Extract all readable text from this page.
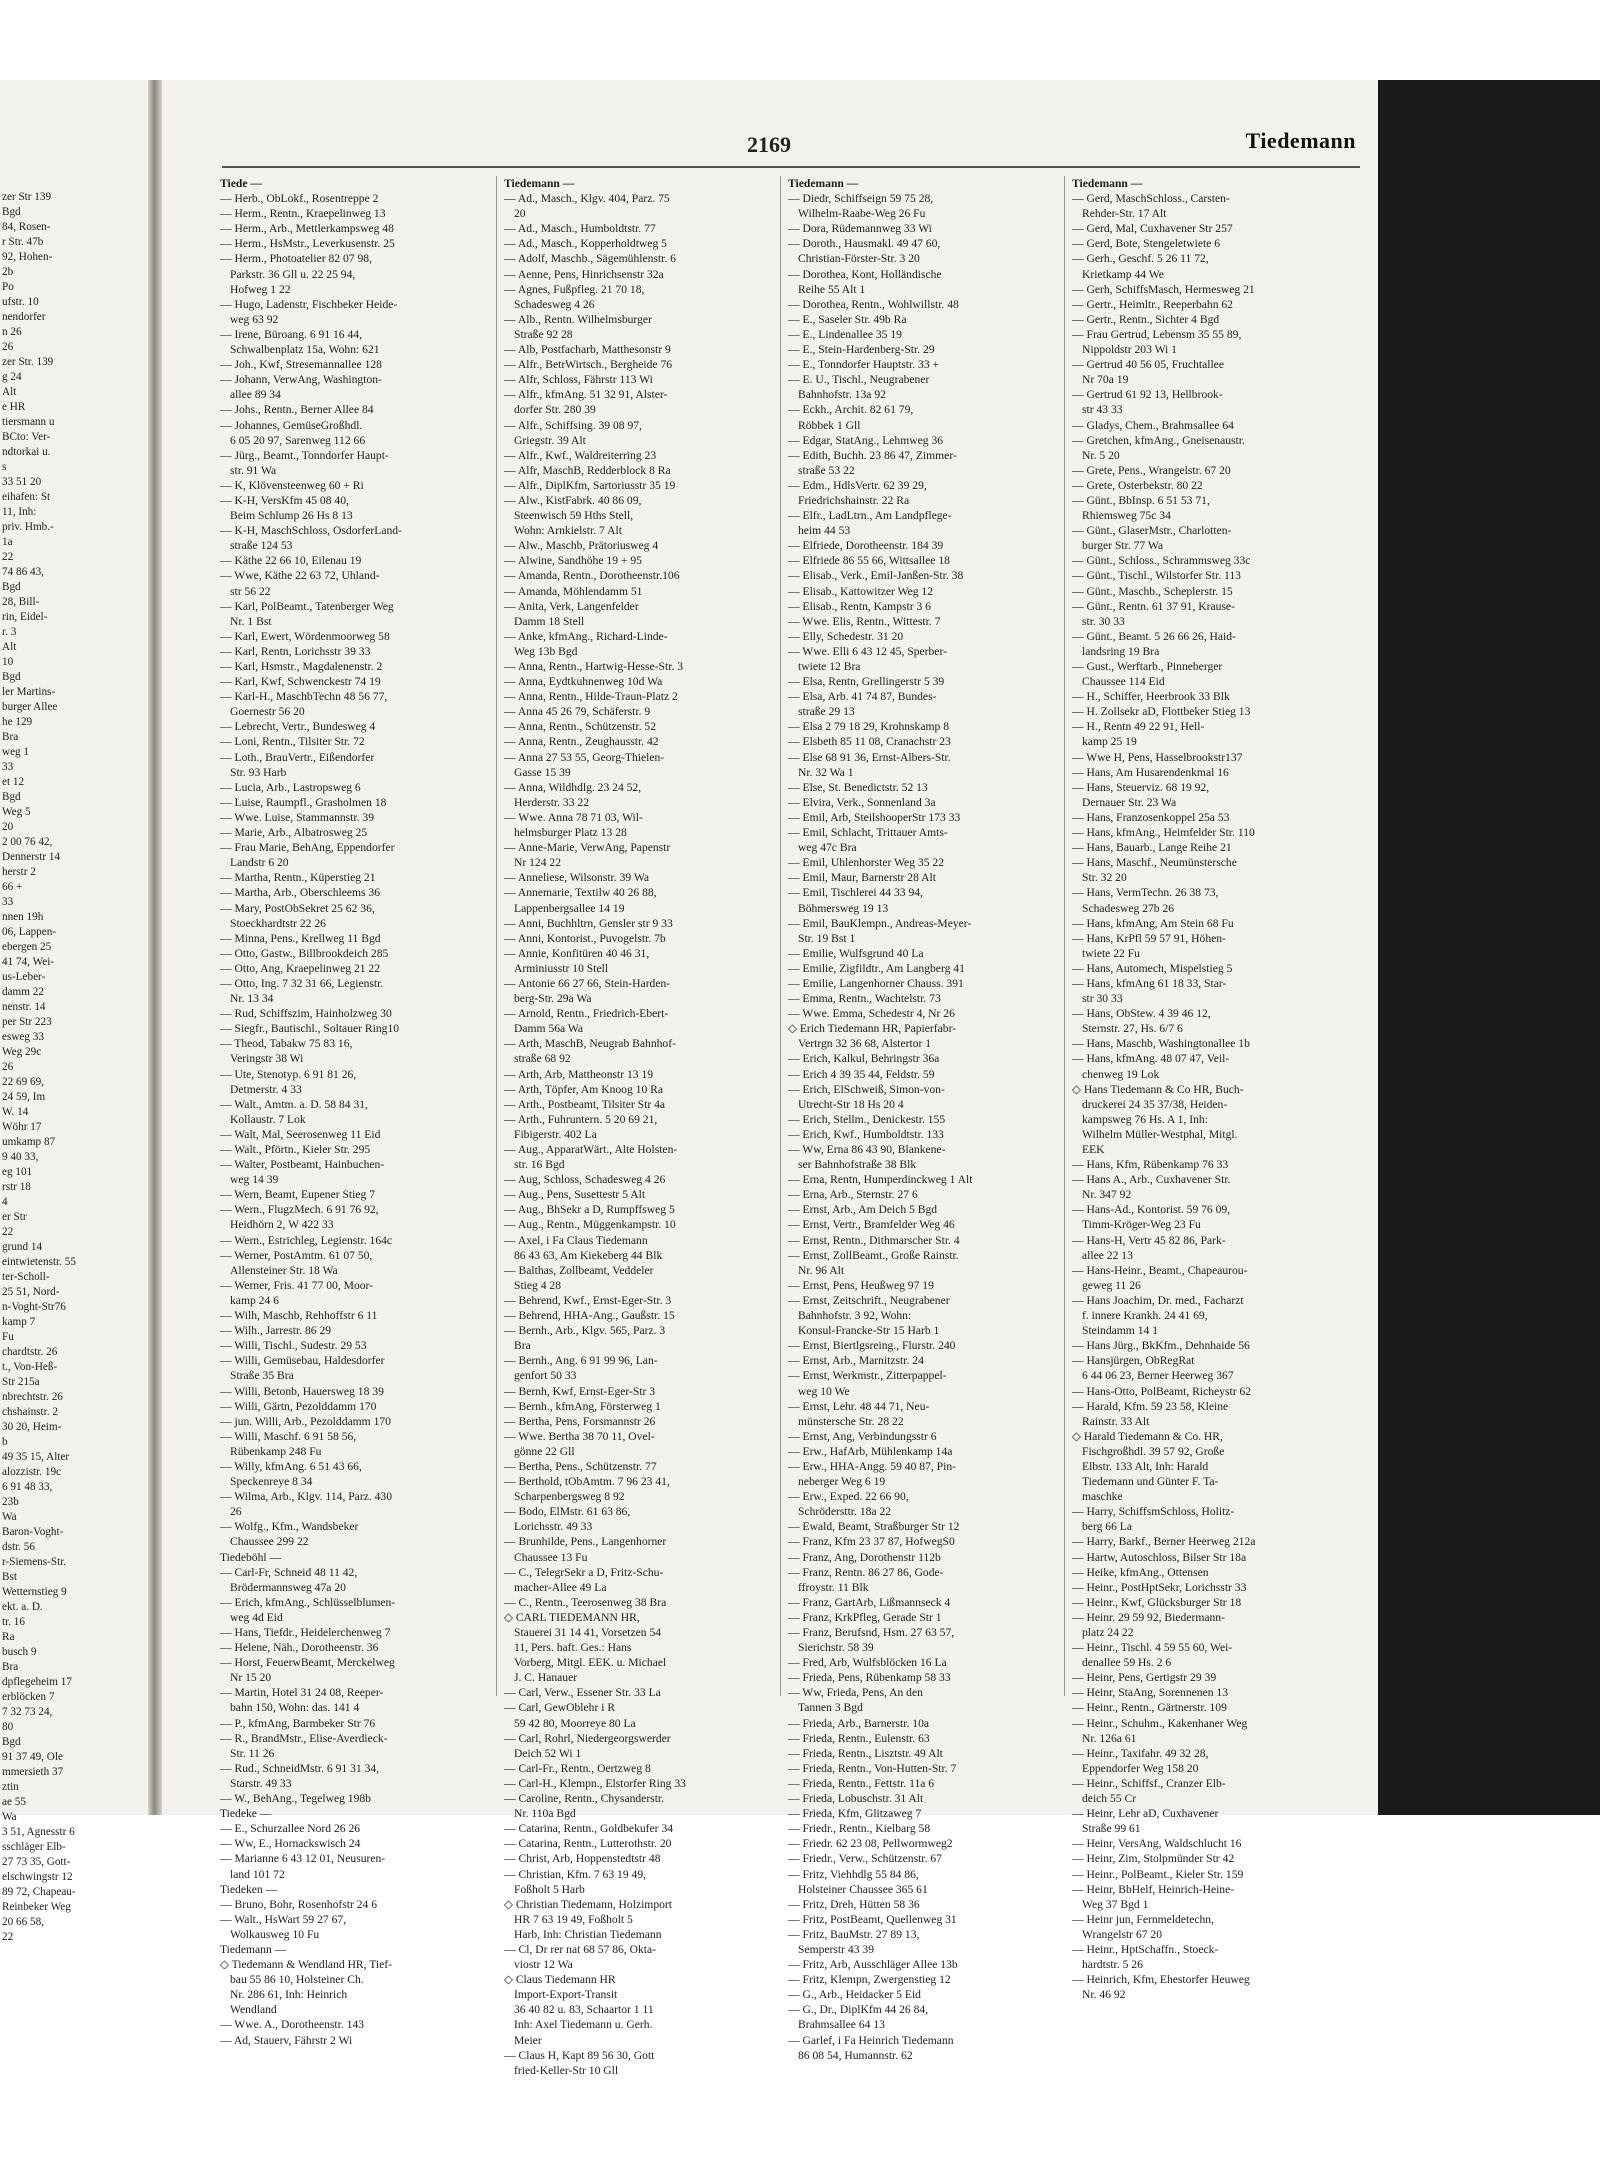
zer Str 139
Bgd
84, Rosen-
r Str. 47b
92, Hohen-
2b
Po
ufstr. 10
nendorfer
n 26
26
zer Str. 139
g 24
Alt
e HR
tiersmann u
BCto: Ver-
ndtorkai u.
s
33 51 20
eihafen: St
11, Inh:
priv. Hmb.-
1a
22
74 86 43,
Bgd
28, Bill-
rin, Eidel-
r. 3
Alt
10
Bgd
ler Martins-
burger Allee
he 129
Bra
weg 1
33
et 12
Bgd
Weg 5
20
2 00 76 42,
Dennerstr 14
herstr 2
66 +
33
nnen 19h
06, Lappen-
ebergen 25
41 74, Wei-
us-Leber-
damm 22
nenstr. 14
per Str 223
esweg 33
Weg 29c
26
22 69 69,
24 59, Im
W. 14
Wöhr 17
umkamp 87
9 40 33,
eg 101
rstr 18
4
er Str
22
grund 14
eintwietenstr. 55
ter-Scholl-
25 51, Nord-
n-Voght-Str76
kamp 7
Fu
chardtstr. 26
t., Von-Heß-
Str 215a
nbrechtstr. 26
chshainstr. 2
30 20, Heim-
b
49 35 15, Alter
alozzistr. 19c
6 91 48 33,
23b
Wa
Baron-Voght-
dstr. 56
r-Siemens-Str.
Bst
Wetternstieg 9
ekt. a. D.
tr. 16
Ra
busch 9
Bra
dpflegeheim 17
erblöcken 7
7 32 73 24,
80
Bgd
91 37 49, Ole
mmersieth 37
ztin
ae 55
Wa
3 51, Agnesstr 6
sschläger Elb-
27 73 35, Gott-
elschwingstr 12
89 72, Chapeau-
Reinbeker Weg
20 66 58,
22
2169	Tiedemann
Tiede —
— Herb., ObLokf., Rosentreppe 2
— Herm., Rentn., Kraepelinweg 13
— Herm., Arb., Mettlerkampsweg 48
— Herm., HsMstr., Leverkusenstr. 25
— Herm., Photoatelier 82 07 98,
Parkstr. 36 Gll u. 22 25 94,
Hofweg 1 22
— Hugo, Ladenstr, Fischbeker Heide-
weg 63 92
— Irene, Büroang. 6 91 16 44,
Schwalbenplatz 15a, Wohn: 621
— Joh., Kwf, Stresemannallee 128
— Johann, VerwAng, Washington-
allee 89 34
— Johs., Rentn., Berner Allee 84
— Johannes, GemüseGroßhdl.
6 05 20 97, Sarenweg 112 66
— Jürg., Beamt., Tonndorfer Haupt-
str. 91 Wa
— K, Klövensteenweg 60 + Ri
— K-H, VersKfm 45 08 40,
Beim Schlump 26 Hs 8 13
— K-H, MaschSchloss, OsdorferLand-
straße 124 53
— Käthe 22 66 10, Eilenau 19
— Wwe, Käthe 22 63 72, Uhland-
str 56 22
— Karl, PolBeamt., Tatenberger Weg
Nr. 1 Bst
— Karl, Ewert, Wördenmoorweg 58
— Karl, Rentn, Lorichsstr 39 33
— Karl, Hsmstr., Magdalenenstr. 2
— Karl, Kwf, Schwenckestr 74 19
— Karl-H., MaschbTechn 48 56 77,
Goernestr 56 20
— Lebrecht, Vertr., Bundesweg 4
— Loni, Rentn., Tilsiter Str. 72
— Loth., BrauVertr., Eißendorfer
Str. 93 Harb
— Lucia, Arb., Lastropsweg 6
— Luise, Raumpfl., Grasholmen 18
— Wwe. Luise, Stammannstr. 39
— Marie, Arb., Albatrosweg 25
— Frau Marie, BehAng, Eppendorfer
Landstr 6 20
— Martha, Rentn., Küperstieg 21
— Martha, Arb., Oberschleems 36
— Mary, PostObSekret 25 62 36,
Stoeckhardtstr 22 26
— Minna, Pens., Krellweg 11 Bgd
— Otto, Gastw., Billbrookdeich 285
— Otto, Ang, Kraepelinweg 21 22
— Otto, Ing. 7 32 31 66, Legienstr.
Nr. 13 34
— Rud, Schiffszim, Hainholzweg 30
— Siegfr., Bautischl., Soltauer Ring10
— Theod, Tabakw 75 83 16,
Veringstr 38 Wi
— Ute, Stenotyp. 6 91 81 26,
Detmerstr. 4 33
— Walt., Amtm. a. D. 58 84 31,
Kollaustr. 7 Lok
— Walt, Mal, Seerosenweg 11 Eid
— Walt., Pförtn., Kieler Str. 295
— Walter, Postbeamt, Hainbuchen-
weg 14 39
— Wern, Beamt, Eupener Stieg 7
— Wern., FlugzMech. 6 91 76 92,
Heidhörn 2, W 422 33
— Wern., Estrichleg, Legienstr. 164c
— Werner, PostAmtm. 61 07 50,
Allensteiner Str. 18 Wa
— Werner, Fris. 41 77 00, Moor-
kamp 24 6
— Wilh, Maschb, Rehhoffstr 6 11
— Wilh., Jarrestr. 86 29
— Willi, Tischl., Sudestr. 29 53
— Willi, Gemüsebau, Haldesdorfer
Straße 35 Bra
— Willi, Betonb, Hauersweg 18 39
— Willi, Gärtn, Pezolddamm 170
— jun. Willi, Arb., Pezolddamm 170
— Willi, Maschf. 6 91 58 56,
Rübenkamp 248 Fu
— Willy, kfmAng. 6 51 43 66,
Speckenreye 8 34
— Wilma, Arb., Klgv. 114, Parz. 430
26
— Wolfg., Kfm., Wandsbeker
Chaussee 299 22
Tiedeböhl —
— Carl-Fr, Schneid 48 11 42,
Brödermannsweg 47a 20
— Erich, kfmAng., Schlüsselblumen-
weg 4d Eid
— Hans, Tiefdr., Heidelerchenweg 7
— Helene, Näh., Dorotheenstr. 36
— Horst, FeuerwBeamt, Merckelweg
Nr 15 20
— Martin, Hotel 31 24 08, Reeper-
bahn 150, Wohn: das. 141 4
— P., kfmAng, Barmbeker Str 76
— R., BrandMstr., Elise-Averdieck-
Str. 11 26
— Rud., SchneidMstr. 6 91 31 34,
Starstr. 49 33
— W., BehAng., Tegelweg 198b
Tiedeke —
— E., Schurzallee Nord 26 26
— Ww, E., Hornackswisch 24
— Marianne 6 43 12 01, Neusuren-
land 101 72
Tiedeken —
— Bruno, Bohr, Rosenhofstr 24 6
— Walt., HsWart 59 27 67,
Wolkausweg 10 Fu
Tiedemann —
◇ Tiedemann & Wendland HR, Tief-
bau 55 86 10, Holsteiner Ch.
Nr. 286 61, Inh: Heinrich
Wendland
— Wwe. A., Dorotheenstr. 143
— Ad, Stauerv, Fährstr 2 Wi
Tiedemann —
— Ad., Masch., Klgv. 404, Parz. 75
20
— Ad., Masch., Humboldtstr. 77
— Ad., Masch., Kopperholdtweg 5
— Adolf, Maschb., Sägemühlenstr. 6
— Aenne, Pens, Hinrichsenstr 32a
— Agnes, Fußpfleg. 21 70 18,
Schadesweg 4 26
— Alb., Rentn. Wilhelmsburger
Straße 92 28
— Alb, Postfacharb, Matthesonstr 9
— Alfr., BetrWirtsch., Bergheide 76
— Alfr, Schloss, Fährstr 113 Wi
— Alfr., kfmAng. 51 32 91, Alster-
dorfer Str. 280 39
— Alfr., Schiffsing. 39 08 97,
Griegstr. 39 Alt
— Alfr., Kwf., Waldreiterring 23
— Alfr, MaschB, Redderblock 8 Ra
— Alfr., DiplKfm, Sartoriusstr 35 19
— Alw., KistFabrk. 40 86 09,
Steenwisch 59 Hths Stell,
Wohn: Arnkielstr. 7 Alt
— Alw., Maschb, Prätoriusweg 4
— Alwine, Sandhöhe 19 + 95
— Amanda, Rentn., Dorotheenstr.106
— Amanda, Möhlendamm 51
— Anita, Verk, Langenfelder
Damm 18 Stell
— Anke, kfmAng., Richard-Linde-
Weg 13b Bgd
— Anna, Rentn., Hartwig-Hesse-Str. 3
— Anna, Eydtkuhnenweg 10d Wa
— Anna, Rentn., Hilde-Traun-Platz 2
— Anna 45 26 79, Schäferstr. 9
— Anna, Rentn., Schützenstr. 52
— Anna, Rentn., Zeughausstr. 42
— Anna 27 53 55, Georg-Thielen-
Gasse 15 39
— Anna, Wildhdlg. 23 24 52,
Herderstr. 33 22
— Wwe. Anna 78 71 03, Wil-
helmsburger Platz 13 28
— Anne-Marie, VerwAng, Papenstr
Nr 124 22
— Anneliese, Wilsonstr. 39 Wa
— Annemarie, Textilw 40 26 88,
Lappenbergsallee 14 19
— Anni, Buchhltrn, Gensler str 9 33
— Anni, Kontorist., Puvogelstr. 7b
— Annie, Konfitüren 40 46 31,
Arminiusstr 10 Stell
— Antonie 66 27 66, Stein-Harden-
berg-Str. 29a Wa
— Arnold, Rentn., Friedrich-Ebert-
Damm 56a Wa
— Arth, MaschB, Neugrab Bahnhof-
straße 68 92
— Arth, Arb, Mattheonstr 13 19
— Arth, Töpfer, Am Knoog 10 Ra
— Arth., Postbeamt, Tilsiter Str 4a
— Arth., Fuhruntern. 5 20 69 21,
Fibigerstr. 402 La
— Aug., ApparatWärt., Alte Holsten-
str. 16 Bgd
— Aug, Schloss, Schadesweg 4 26
— Aug., Pens, Susettestr 5 Alt
— Aug., BhSekr a D, Rumpffsweg 5
— Aug., Rentn., Müggenkampstr. 10
— Axel, i Fa Claus Tiedemann
86 43 63, Am Kiekeberg 44 Blk
— Balthas, Zollbeamt, Veddeler
Stieg 4 28
— Behrend, Kwf., Ernst-Eger-Str. 3
— Behrend, HHA-Ang., Gaußstr. 15
— Bernh., Arb., Klgv. 565, Parz. 3
Bra
— Bernh., Ang. 6 91 99 96, Lan-
genfort 50 33
— Bernh, Kwf, Ernst-Eger-Str 3
— Bernh., kfmAng, Försterweg 1
— Bertha, Pens, Forsmannstr 26
— Wwe. Bertha 38 70 11, Ovel-
gönne 22 Gll
— Bertha, Pens., Schützenstr. 77
— Berthold, tObAmtm. 7 96 23 41,
Scharpenbergsweg 8 92
— Bodo, ElMstr. 61 63 86,
Lorichsstr. 49 33
— Brunhilde, Pens., Langenhorner
Chaussee 13 Fu
— C., TelegrSekr a D, Fritz-Schu-
macher-Allee 49 La
— C., Rentn., Teerosenweg 38 Bra
◇ CARL TIEDEMANN HR,
Stauerei 31 14 41, Vorsetzen 54
11, Pers. haft. Ges.: Hans
Vorberg, Mitgl. EEK. u. Michael
J. C. Hanauer
— Carl, Verw., Essener Str. 33 La
— Carl, GewOblehr i R
59 42 80, Moorreye 80 La
— Carl, Rohrl, Niedergeorgswerder
Deich 52 Wi 1
— Carl-Fr., Rentn., Oertzweg 8
— Carl-H., Klempn., Elstorfer Ring 33
— Caroline, Rentn., Chysanderstr.
Nr. 110a Bgd
— Catarina, Rentn., Goldbekufer 34
— Catarina, Rentn., Lutterothstr. 20
— Christ, Arb, Hoppenstedtstr 48
— Christian, Kfm. 7 63 19 49,
Foßholt 5 Harb
◇ Christian Tiedemann, Holzimport
HR 7 63 19 49, Foßholt 5
Harb, Inh: Christian Tiedemann
— Cl, Dr rer nat 68 57 86, Okta-
viostr 12 Wa
◇ Claus Tiedemann HR
Import-Export-Transit
36 40 82 u. 83, Schaartor 1 11
Inh: Axel Tiedemann u. Gerh.
Meier
— Claus H, Kapt 89 56 30, Gott
fried-Keller-Str 10 Gll
Tiedemann —
— Diedr, Schiffseign 59 75 28,
Wilhelm-Raabe-Weg 26 Fu
— Dora, Rüdemannweg 33 Wi
— Doroth., Hausmakl. 49 47 60,
Christian-Förster-Str. 3 20
— Dorothea, Kont, Holländische
Reihe 55 Alt 1
— Dorothea, Rentn., Wohlwillstr. 48
— E., Saseler Str. 49b Ra
— E., Lindenallee 35 19
— E., Stein-Hardenberg-Str. 29
— E., Tonndorfer Hauptstr. 33 +
— E. U., Tischl., Neugrabener
Bahnhofstr. 13a 92
— Eckh., Archit. 82 61 79,
Röbbek 1 Gll
— Edgar, StatAng., Lehmweg 36
— Edith, Buchh. 23 86 47, Zimmer-
straße 53 22
— Edm., HdlsVertr. 62 39 29,
Friedrichshainstr. 22 Ra
— Elfr., LadLtrn., Am Landpflege-
heim 44 53
— Elfriede, Dorotheenstr. 184 39
— Elfriede 86 55 66, Wittsallee 18
— Elisab., Verk., Emil-Janßen-Str. 38
— Elisab., Kattowitzer Weg 12
— Elisab., Rentn, Kampstr 3 6
— Wwe. Elis, Rentn., Wittestr. 7
— Elly, Schedestr. 31 20
— Wwe. Elli 6 43 12 45, Sperber-
twiete 12 Bra
— Elsa, Rentn, Grellingerstr 5 39
— Elsa, Arb. 41 74 87, Bundes-
straße 29 13
— Elsa 2 79 18 29, Krohnskamp 8
— Elsbeth 85 11 08, Cranachstr 23
— Else 68 91 36, Ernst-Albers-Str.
Nr. 32 Wa 1
— Else, St. Benedictstr. 52 13
— Elvira, Verk., Sonnenland 3a
— Emil, Arb, SteilshooperStr 173 33
— Emil, Schlacht, Trittauer Amts-
weg 47c Bra
— Emil, Uhlenhorster Weg 35 22
— Emil, Maur, Barnerstr 28 Alt
— Emil, Tischlerei 44 33 94,
Böhmersweg 19 13
— Emil, BauKlempn., Andreas-Meyer-
Str. 19 Bst 1
— Emilie, Wulfsgrund 40 La
— Emilie, Zigfildtr., Am Langberg 41
— Emilie, Langenhorner Chauss. 391
— Emma, Rentn., Wachtelstr. 73
— Wwe. Emma, Schedestr 4, Nr 26
◇ Erich Tiedemann HR, Papierfabr-
Vertrgn 32 36 68, Alstertor 1
— Erich, Kalkul, Behringstr 36a
— Erich 4 39 35 44, Feldstr. 59
— Erich, ElSchweiß, Simon-von-
Utrecht-Str 18 Hs 20 4
— Erich, Stellm., Denickestr. 155
— Erich, Kwf., Humboldtstr. 133
— Ww, Erna 86 43 90, Blankene-
ser Bahnhofstraße 38 Blk
— Erna, Rentn, Humperdinckweg 1 Alt
— Erna, Arb., Sternstr. 27 6
— Ernst, Arb., Am Deich 5 Bgd
— Ernst, Vertr., Bramfelder Weg 46
— Ernst, Rentn., Dithmarscher Str. 4
— Ernst, ZollBeamt., Große Rainstr.
Nr. 96 Alt
— Ernst, Pens, Heußweg 97 19
— Ernst, Zeitschrift., Neugrabener
Bahnhofstr. 3 92, Wohn:
Konsul-Francke-Str 15 Harb 1
— Ernst, Biertlgsreing., Flurstr. 240
— Ernst, Arb., Marnitzstr. 24
— Ernst, Werkmstr., Zitterpappel-
weg 10 We
— Ernst, Lehr. 48 44 71, Neu-
münstersche Str. 28 22
— Ernst, Ang, Verbindungsstr 6
— Erw., HafArb, Mühlenkamp 14a
— Erw., HHA-Angg. 59 40 87, Pin-
neberger Weg 6 19
— Erw., Exped. 22 66 90,
Schrödersttr. 18a 22
— Ewald, Beamt, Straßburger Str 12
— Franz, Kfm 23 37 87, HofwegS0
— Franz, Ang, Dorothenstr 112b
— Franz, Rentn. 86 27 86, Gode-
ffroystr. 11 Blk
— Franz, GartArb, Lißmannseck 4
— Franz, KrkPfleg, Gerade Str 1
— Franz, Berufsnd, Hsm. 27 63 57,
Sierichstr. 58 39
— Fred, Arb, Wulfsblöcken 16 La
— Frieda, Pens, Rübenkamp 58 33
— Ww, Frieda, Pens, An den
Tannen 3 Bgd
— Frieda, Arb., Barnerstr. 10a
— Frieda, Rentn., Eulenstr. 63
— Frieda, Rentn., Lisztstr. 49 Alt
— Frieda, Rentn., Von-Hutten-Str. 7
— Frieda, Rentn., Fettstr. 11a 6
— Frieda, Lobuschstr. 31 Alt
— Frieda, Kfm, Glitzaweg 7
— Friedr., Rentn., Kielbarg 58
— Friedr. 62 23 08, Pellwormweg2
— Friedr., Verw., Schützenstr. 67
— Fritz, Viehhdlg 55 84 86,
Holsteiner Chaussee 365 61
— Fritz, Dreh, Hütten 58 36
— Fritz, PostBeamt, Quellenweg 31
— Fritz, BauMstr. 27 89 13,
Semperstr 43 39
— Fritz, Arb, Ausschläger Allee 13b
— Fritz, Klempn, Zwergenstieg 12
— G., Arb., Heidacker 5 Eid
— G., Dr., DiplKfm 44 26 84,
Brahmsallee 64 13
— Garlef, i Fa Heinrich Tiedemann
86 08 54, Humannstr. 62
Tiedemann —
— Gerd, MaschSchloss., Carsten-
Rehder-Str. 17 Alt
— Gerd, Mal, Cuxhavener Str 257
— Gerd, Bote, Stengeletwiete 6
— Gerh., Geschf. 5 26 11 72,
Krietkamp 44 We
— Gerh, SchiffsMasch, Hermesweg 21
— Gertr., Heimltr., Reeperbahn 62
— Gertr., Rentn., Sichter 4 Bgd
— Frau Gertrud, Lebensm 35 55 89,
Nippoldstr 203 Wi 1
— Gertrud 40 56 05, Fruchtallee
Nr 70a 19
— Gertrud 61 92 13, Hellbrook-
str 43 33
— Gladys, Chem., Brahmsallee 64
— Gretchen, kfmAng., Gneisenaustr.
Nr. 5 20
— Grete, Pens., Wrangelstr. 67 20
— Grete, Osterbekstr. 80 22
— Günt., BbInsp. 6 51 53 71,
Rhiemsweg 75c 34
— Günt., GlaserMstr., Charlotten-
burger Str. 77 Wa
— Günt., Schloss., Schrammsweg 33c
— Günt., Tischl., Wilstorfer Str. 113
— Günt., Maschb., Scheplerstr. 15
— Günt., Rentn. 61 37 91, Krause-
str. 30 33
— Günt., Beamt. 5 26 66 26, Haid-
landsring 19 Bra
— Gust., Werftarb., Pinneberger
Chaussee 114 Eid
— H., Schiffer, Heerbrook 33 Blk
— H. Zollsekr aD, Flottbeker Stieg 13
— H., Rentn 49 22 91, Hell-
kamp 25 19
— Wwe H, Pens, Hasselbrookstr137
— Hans, Am Husarendenkmal 16
— Hans, Steuerviz. 68 19 92,
Dernauer Str. 23 Wa
— Hans, Franzosenkoppel 25a 53
— Hans, kfmAng., Heimfelder Str. 110
— Hans, Bauarb., Lange Reihe 21
— Hans, Maschf., Neumünstersche
Str. 32 20
— Hans, VermTechn. 26 38 73,
Schadesweg 27b 26
— Hans, kfmAng, Am Stein 68 Fu
— Hans, KrPfl 59 57 91, Höhen-
twiete 22 Fu
— Hans, Automech, Mispelstieg 5
— Hans, kfmAng 61 18 33, Star-
str 30 33
— Hans, ObStew. 4 39 46 12,
Sternstr. 27, Hs. 6/7 6
— Hans, Maschb, Washingtonallee 1b
— Hans, kfmAng. 48 07 47, Veil-
chenweg 19 Lok
◇ Hans Tiedemann & Co HR, Buch-
druckerei 24 35 37/38, Heiden-
kampsweg 76 Hs. A 1, Inh:
Wilhelm Müller-Westphal, Mitgl.
EEK
— Hans, Kfm, Rübenkamp 76 33
— Hans A., Arb., Cuxhavener Str.
Nr. 347 92
— Hans-Ad., Kontorist. 59 76 09,
Timm-Kröger-Weg 23 Fu
— Hans-H, Vertr 45 82 86, Park-
allee 22 13
— Hans-Heinr., Beamt., Chapeaurou-
geweg 11 26
— Hans Joachim, Dr. med., Facharzt
f. innere Krankh. 24 41 69,
Steindamm 14 1
— Hans Jürg., BkKfm., Dehnhaide 56
— Hansjürgen, ObRegRat
6 44 06 23, Berner Heerweg 367
— Hans-Otto, PolBeamt, Richeystr 62
— Harald, Kfm. 59 23 58, Kleine
Rainstr. 33 Alt
◇ Harald Tiedemann & Co. HR,
Fischgroßhdl. 39 57 92, Große
Elbstr. 133 Alt, Inh: Harald
Tiedemann und Günter F. Ta-
maschke
— Harry, SchiffsmSchloss, Holitz-
berg 66 La
— Harry, Barkf., Berner Heerweg 212a
— Hartw, Autoschloss, Bilser Str 18a
— Heike, kfmAng., Ottensen
— Heinr., PostHptSekr, Lorichsstr 33
— Heinr., Kwf, Glücksburger Str 18
— Heinr. 29 59 92, Biedermann-
platz 24 22
— Heinr., Tischl. 4 59 55 60, Wei-
denallee 59 Hs. 2 6
— Heinr, Pens, Gertigstr 29 39
— Heinr, StaAng, Sorennenen 13
— Heinr., Rentn., Gärtnerstr. 109
— Heinr., Schuhm., Kakenhaner Weg
Nr. 126a 61
— Heinr., Taxifahr. 49 32 28,
Eppendorfer Weg 158 20
— Heinr., Schiffsf., Cranzer Elb-
deich 55 Cr
— Heinr, Lehr aD, Cuxhavener
Straße 99 61
— Heinr, VersAng, Waldschlucht 16
— Heinr, Zim, Stolpmünder Str 42
— Heinr., PolBeamt., Kieler Str. 159
— Heinr, BbHelf, Heinrich-Heine-
Weg 37 Bgd 1
— Heinr jun, Fernmeldetechn,
Wrangelstr 67 20
— Heinr., HptSchaffn., Stoeck-
hardtstr. 5 26
— Heinrich, Kfm, Ehestorfer Heuweg
Nr. 46 92
